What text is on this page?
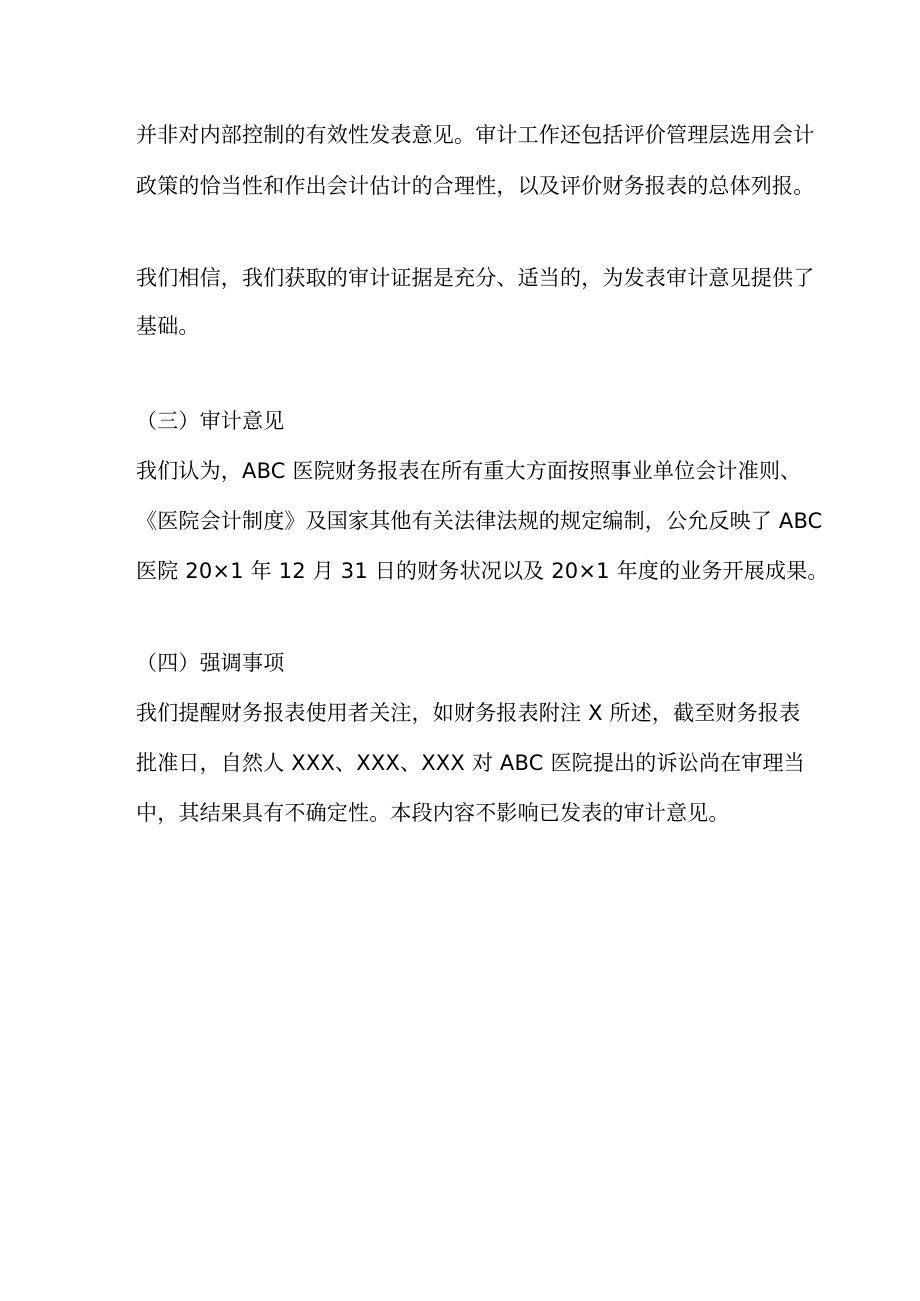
并非对内部控制的有效性发表意见。审计工作还包括评价管理层选用会计
政策的恰当性和作出会计估计的合理性，以及评价财务报表的总体列报。
我们相信，我们获取的审计证据是充分、适当的，为发表审计意见提供了
基础。
（三）审计意见
我们认为，ABC 医院财务报表在所有重大方面按照事业单位会计准则、
《医院会计制度》及国家其他有关法律法规的规定编制，公允反映了 ABC
医院 20×1 年 12 月 31 日的财务状况以及 20×1 年度的业务开展成果。
（四）强调事项
我们提醒财务报表使用者关注，如财务报表附注 X 所述，截至财务报表
批准日，自然人 XXX、XXX、XXX 对 ABC 医院提出的诉讼尚在审理当
中，其结果具有不确定性。本段内容不影响已发表的审计意见。
